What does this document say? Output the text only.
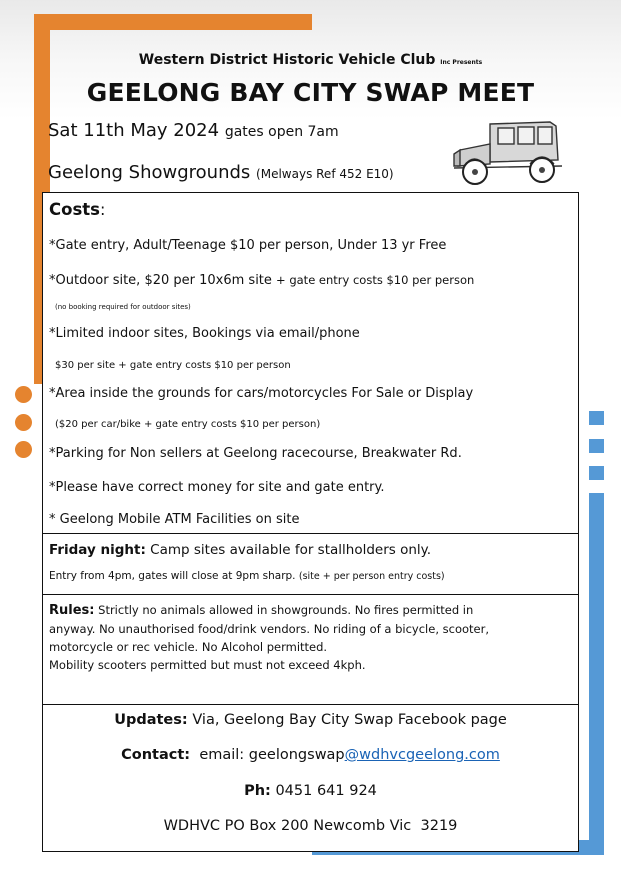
Western District Historic Vehicle Club Inc Presents
GEELONG BAY CITY SWAP MEET
Sat 11th May 2024 gates open 7am
Geelong Showgrounds (Melways Ref 452 E10)
Costs:
*Gate entry, Adult/Teenage $10 per person, Under 13 yr Free
*Outdoor site, $20 per 10x6m site + gate entry costs $10 per person
(no booking required for outdoor sites)
*Limited indoor sites, Bookings via email/phone
$30 per site + gate entry costs $10 per person
*Area inside the grounds for cars/motorcycles For Sale or Display
($20 per car/bike + gate entry costs $10 per person)
*Parking for Non sellers at Geelong racecourse, Breakwater Rd.
*Please have correct money for site and gate entry.
* Geelong Mobile ATM Facilities on site
Friday night: Camp sites available for stallholders only.
Entry from 4pm, gates will close at 9pm sharp. (site + per person entry costs)
Rules: Strictly no animals allowed in showgrounds. No fires permitted in
anyway. No unauthorised food/drink vendors. No riding of a bicycle, scooter,
motorcycle or rec vehicle. No Alcohol permitted.
Mobility scooters permitted but must not exceed 4kph.
Updates: Via, Geelong Bay City Swap Facebook page
Contact: email: geelongswap@wdhvcgeelong.com
Ph: 0451 641 924
WDHVC PO Box 200 Newcomb Vic  3219
